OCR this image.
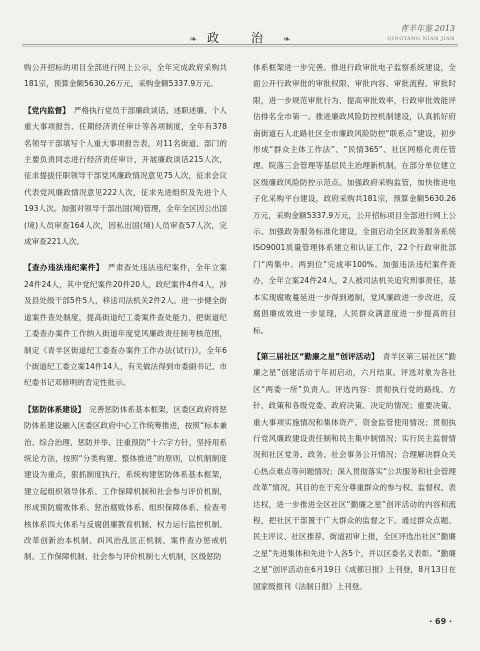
❧ 政　治 ❧
青羊年鉴 2013
QINGYANG NIAN JIAN

购公开招标的项目全部进行网上公示，全年完成政府采购共181宗，预算金额5630.26万元，采购金额5337.9万元。

【党内监督】　 严格执行党员干部廉政谈话、述职述廉、个人重大事项报告、任期经济责任审计等各项制度，全年有378名领导干部填写个人重大事项报告表，对11名街道、部门的主要负责同志进行经济责任审计，开展廉政谈话215人次，征求提拔任职领导干部党风廉政情况意见75人次，征求会议代表党风廉政情况意见222人次，征求先进组织及先进个人193人次。加强对领导干部出国(境)管理，全年全区因公出国(境)人员审查164人次，因私出国(境)人员审查57人次，完成审查221人次。

【查办违法违纪案件】　 严肃查处违法违纪案件，全年立案24件24人，其中党纪案件20件20人，政纪案件4件4人，涉及县处级干部5件5人，移送司法机关2件2人。进一步健全街道案件查处制度，提高街道纪工委案件查处能力，把街道纪工委查办案件工作纳入街道年度党风廉政责任制考核范围，制定《青羊区街道纪工委查办案件工作办法(试行)》，全年6个街道纪工委立案14件14人，有关做法得到市委副书记、市纪委书记邓修明的肯定性批示。

【惩防体系建设】　 完善惩防体系基本框架，区委区政府将惩防体系建设融入区委区政府中心工作统筹推进，按照“标本兼治、综合治理、惩防并举、注重预防”十六字方针，坚持用系统论方法，按照“分类构建、整体推进”的原则，以机制制度建设为重点，狠抓制度执行，系统构建惩防体系基本框架，建立起组织领导体系、工作保障机制和社会参与评价机制，形成预防腐败体系、惩治腐败体系、组织保障体系、检查考核体系四大体系与反腐倡廉教育机制、权力运行监控机制、改革创新治本机制、纠风治乱匡正机制、案件查办惩戒机制、工作保障机制、社会参与评价机制七大机制，区级惩防

体系框架进一步完善。推进行政审批电子监察系统建设，全面公开行政审批的审批权限、审批内容、审批流程、审批时限，进一步规范审批行为、提高审批效率，行政审批效能评估排名全市第一。推进廉政风险防控机制建设，认真抓好府南街道石人北路社区全市廉政风险防控“联系点”建设，初步形成“群众主体工作法”、“民情365”、社区网格化责任管理、院落三会管理等基层民主治理新机制，在部分单位建立区级廉政风险防控示范点。加强政府采购监管，加快推进电子化采购平台建设，政府采购共181宗，预算金额5630.26万元，采购金额5337.9万元，公开招标项目全部进行网上公示。加强政务服务标准化建设，全面启动全区政务服务系统ISO9001质量管理体系建立和认证工作，22个行政审批部门“两集中、两到位”完成率100%。加强违法违纪案件查办，全年立案24件24人，2人被司法机关追究刑事责任，基本实现腐败蔓延进一步得到遏制，党风廉政进一步改进，反腐倡廉成效进一步显现，人民群众满意度进一步提高的目标。

【第三届社区“勤廉之星”创评活动】　 青羊区第三届社区“勤廉之星”创建活动于年初启动，六月结束。评选对象为各社区“两委一所”负责人。评选内容：贯彻执行党的路线、方针、政策和各级党委、政府决策、决定的情况；重要决策、重大事项实施情况和集体资产、资金监管使用情况；贯彻执行党风廉政建设责任制和民主集中制情况；实行民主监督情况和社区党务、政务、社会事务公开情况；合理解决群众关心热点难点等问题情况；深入贯彻落实“公共服务和社会管理改革”情况。其目的在于充分尊重群众的参与权、监督权、表达权，进一步推进全区社区“勤廉之星”创评活动的内容和流程，把社区干部置于广大群众的监督之下。通过群众点题、民主评议、社区推荐、街道初审上报，全区评选出社区“勤廉之星”先进集体和先进个人各5个，并以区委名义表彰。“勤廉之星”创评活动在6月19日《成都日报》上刊登，8月13日在国家级报刊《法制日报》上刊登。

· 69 ·
